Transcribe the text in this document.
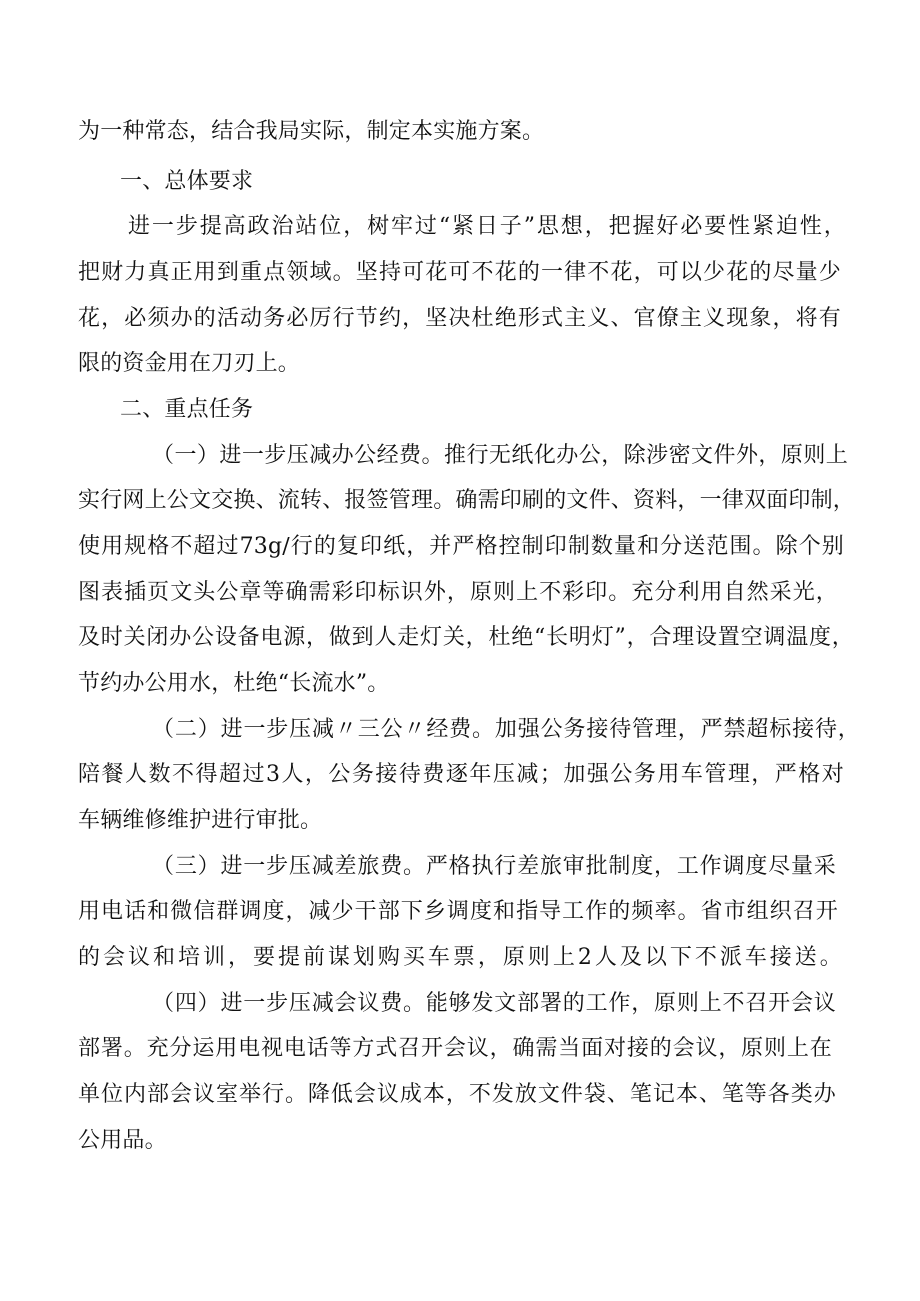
为一种常态，结合我局实际，制定本实施方案。
一、总体要求
进一步提高政治站位，树牢过“紧日子”思想，把握好必要性紧迫性，
把财力真正用到重点领域。坚持可花可不花的一律不花，可以少花的尽量少
花，必须办的活动务必厉行节约，坚决杜绝形式主义、官僚主义现象，将有
限的资金用在刀刃上。
二、重点任务
（一）进一步压减办公经费。推行无纸化办公，除涉密文件外，原则上
实行网上公文交换、流转、报签管理。确需印刷的文件、资料，一律双面印制，
使用规格不超过73g∕行的复印纸，并严格控制印制数量和分送范围。除个别
图表插页文头公章等确需彩印标识外，原则上不彩印。充分利用自然采光，
及时关闭办公设备电源，做到人走灯关，杜绝“长明灯”，合理设置空调温度，
节约办公用水，杜绝“长流水”。
（二）进一步压减〃三公〃经费。加强公务接待管理，严禁超标接待，
陪餐人数不得超过3人，公务接待费逐年压减；加强公务用车管理，严格对
车辆维修维护进行审批。
（三）进一步压减差旅费。严格执行差旅审批制度，工作调度尽量采
用电话和微信群调度，减少干部下乡调度和指导工作的频率。省市组织召开
的会议和培训，要提前谋划购买车票，原则上2人及以下不派车接送。
（四）进一步压减会议费。能够发文部署的工作，原则上不召开会议
部署。充分运用电视电话等方式召开会议，确需当面对接的会议，原则上在
单位内部会议室举行。降低会议成本，不发放文件袋、笔记本、笔等各类办
公用品。
